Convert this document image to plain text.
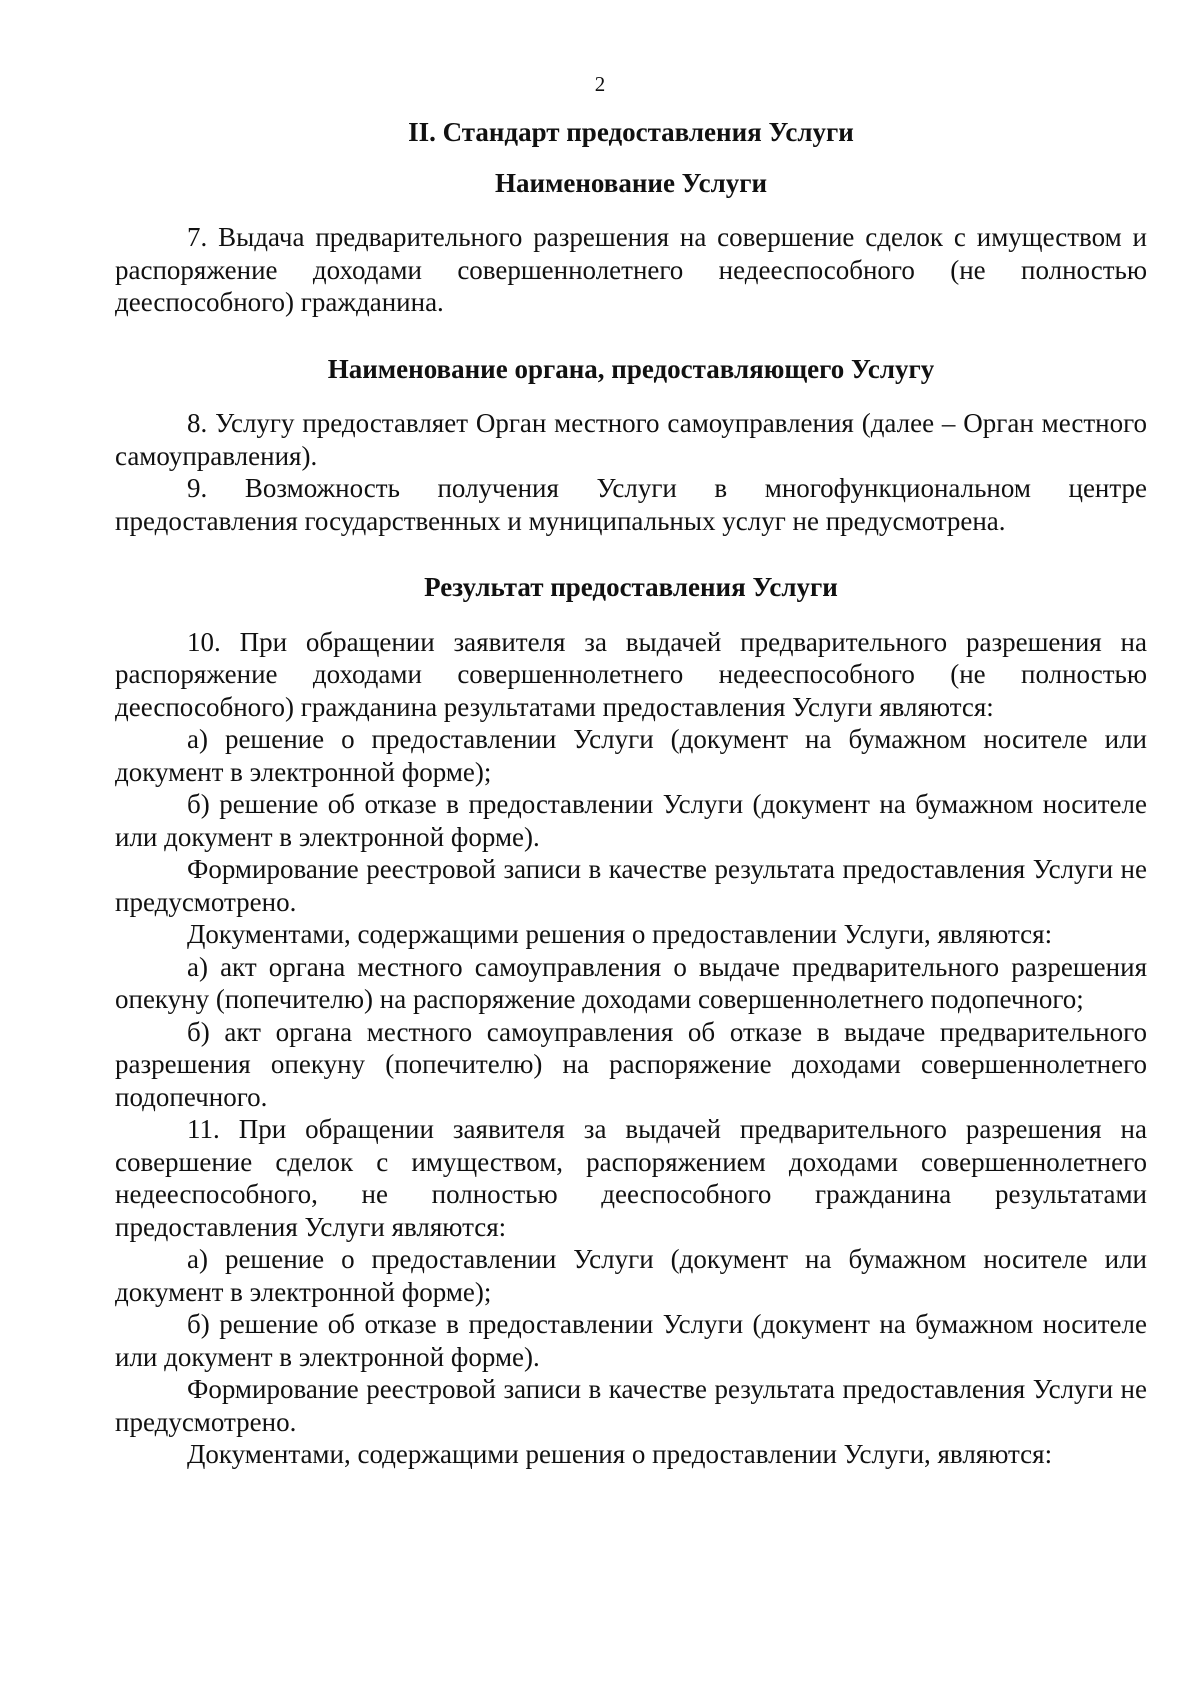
2
II. Стандарт предоставления Услуги
Наименование Услуги

7. Выдача предварительного разрешения на совершение сделок с имуществом и распоряжение доходами совершеннолетнего недееспособного (не полностью дееспособного) гражданина.

Наименование органа, предоставляющего Услугу

8. Услугу предоставляет Орган местного самоуправления (далее – Орган местного самоуправления).

9. Возможность получения Услуги в многофункциональном центре предоставления государственных и муниципальных услуг не предусмотрена.

Результат предоставления Услуги

10. При обращении заявителя за выдачей предварительного разрешения на распоряжение доходами совершеннолетнего недееспособного (не полностью дееспособного) гражданина результатами предоставления Услуги являются:

а) решение о предоставлении Услуги (документ на бумажном носителе или документ в электронной форме);

б) решение об отказе в предоставлении Услуги (документ на бумажном носителе или документ в электронной форме).

Формирование реестровой записи в качестве результата предоставления Услуги не предусмотрено.

Документами, содержащими решения о предоставлении Услуги, являются:

а) акт органа местного самоуправления о выдаче предварительного разрешения опекуну (попечителю) на распоряжение доходами совершеннолетнего подопечного;

б) акт органа местного самоуправления об отказе в выдаче предварительного разрешения опекуну (попечителю) на распоряжение доходами совершеннолетнего подопечного.

11. При обращении заявителя за выдачей предварительного разрешения на совершение сделок с имуществом, распоряжением доходами совершеннолетнего недееспособного, не полностью дееспособного гражданина результатами предоставления Услуги являются:

а) решение о предоставлении Услуги (документ на бумажном носителе или документ в электронной форме);

б) решение об отказе в предоставлении Услуги (документ на бумажном носителе или документ в электронной форме).

Формирование реестровой записи в качестве результата предоставления Услуги не предусмотрено.

Документами, содержащими решения о предоставлении Услуги, являются:
